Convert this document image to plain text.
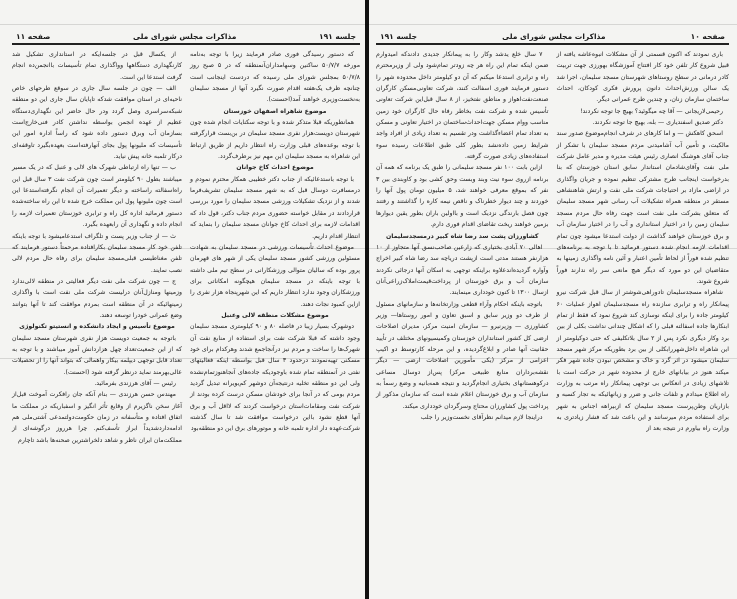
جلسه ۱۹۱
مذاکرات مجلس شورای ملی
صفحه ۱۱

که دستور رسیدگی فوری صادر فرمایند زیرا با توجه به‌نامه مورخه ۵۰/۷/۷ ساکنین وسهامداران‌آنمنطقه که در ۵ صبح روز ۵۰/۷/۸ بمجلس شورای ملی رسیده که دردست اینجانب است چنانچه ظرف یک‌هفته اقدام صورت نگیرد آنها از مسجد سلیمان به‌نخست‌وزیری خواهند آمد(احسنت).

موضوع شاهراه اصفهان خوزستان

همانطوریکه قبلا متذکر شده و با توجه سکنایات انجام شده چون شهرستان دویست‌هزار نفری مسجد سلیمان در بن‌بست قرارگرفته با توجه بوعده‌های قبلی وزارت راه انتظار داریم از طریق ارتباط این شاهراه به مسجد سلیمان این مهم نیز برطرف‌گردد.

موضوع احداث کاخ جوانان

با توجه باستدعائیکه از جناب دکتر خطیبی همکار محترم نمودم و درمسافرت دوسال قبل که به شهر مسجد سلیمان تشریف‌فرما شدند و از نزدیک تشکیلات ورزشی مسجد سلیمان را مورد بررسی قراردادند در مقابل خواسته حضوری مردم جناب دکتر، قول داد که اقدامات لازمه برای احداث کاخ جوانان مسجد سلیمان را بنماید که انتظار اقدام داریم.

موضوع احداث تأسیسات ورزشی در مسجد سلیمان به شهادت مسئولین ورزشی کشور مسجد سلیمان یکی از شهر های قهرمان پرور بوده که سالیان متوالی ورزشکارانی در سطح تیم ملی داشته با توجه باینکه در مسجد سلیمان هیچگونه امکاناتی برای ورزشکاران وجود ندارد انتظار داریم که این شهرپنجاه هزار نفری را ازاین کمبود نجات دهند.

موضوع مشکلات منطقه لالی وعنبل

دوشهرک بسیار زیبا در فاصله ۸۰ و ۹۰ کیلومتری مسجد سلیمان وجود داشته که قبلا شرکت نفت برای استفاده از منابع نفت آن شهرک‌ها را ساخت و مردم نیز درآنجاجمع شدند وهرکدام برای خود مسکنی تهیه‌نمودند درحدود ۳ سال قبل بواسطه اینکه فعالیتهای نفتی در آنمنطقه تمام شده باوجودیکه جاده‌های آنجاهنوزتمام‌نشده ولی این دو منطقه تخلیه درنتیجه‌آن دوشهر کم‌بویرانه تبدیل گردید مردم بومی که در آنجا برای خودشان مسکن درست کرده بودند از شرکت نفت ومقامات‌استان درخواست کردند که لااقل آب و برق آنها قطع نشود بااین درخواست موافقت شد تا سال گذشته شرکت‌عهده دار اداره تلمبه خانه و موتورهای برق این دو منطقه‌بود

از یکسال قبل در جلسه‌ایکه در استانداری تشکیل شد کارنگهداری دستگاهها وواگذاری تمام تأسیسات باانجمن‌ده انجام گرفت استدعا این است.

الف — چون در جلسه سال جاری در سوقع طرحهای خاص ناحیه‌ای در استان موافقت شدکه تاپایان سال جاری این دو منطقه شبکه‌سراسری وصل گردد ودر حال حاضر این نگهداری‌دستگاه عظیم از عهده انجمن بواسطه نداشتن کادر فنی‌خارج‌است بسازمان آب وبرق دستور داده شود که راساً اداره امور این تأسیسات که ملیونها پول بجای آنهارفته‌است بعهده‌بگیرد تاوقفه‌ای درکار تلمبه خانه پیش نیاید.

ب — تنها راه ارتباطی شهرک های لالی و عنبل که در یک مسیر میباشند بطول ۹۰ کیلومتر است چون شرکت نفت ۳ سال قبل این راه‌اسفالته راساخته و دیگر تعمیرات آن انجام نگرفته‌استدعا این است چون ملیونها پول این مملکت خرج شده تا این راه ساخته‌شده دستور فرمائید اداره کل راه و ترابری خوزستان تعمیرات لازمه را انجام داده و نگهداری آن رابعهده بگیرد.

ث — از جناب وزیر پست و تلگراف استدعامیشود با توجه باینکه تلفن خود کار مسجد سلیمان بکارافتاده مرحمتاً دستور فرمایند که تلفن مغناطیسی قبلی‌مسجد سلیمان برای رفاه حال مردم لالی نصب نمایند.

ج — چون شرکت ملی نفت دیگر فعالیتی در منطقه لالی‌ندارد وزمینها ومنازل‌آنان درلیست شرکت ملی نفت است با واگذاری زمینهائیکه در آن منطقه است بمردم موافقت کند تا آنها بتوانند وضع عمرانی خودرا توسعه دهند.

موضوع تأسیس و ایجاد دانشکده و انستیتو تکنولوژی

باتوجه به جمعیت دویست هزار نفری شهرستان مسجد سلیمان که از این جمعیت‌تعداد چهل هزاردانش آموز میباشند و با توجه به تعداد قابل توجهی دیپلمه بیکار واهمالی که بتواند آنها را از تحصیلات عالی‌بهرمند نماید درنظر گرفته شود (احسنت).

رئیس — آقای هرزندی بفرمائید.

مهندس حسن هرزندی — بنام آنکه جان رافکرت آموخت قبل‌از آغاز سخن ناگزیرم از وقایع تأثر انگیز و اسفباریکه در مملکت ما اتفاق افتاده و متأسفانه در زمان حکومت‌دولتمدعی آشتی‌ملی هم ادامه‌داردشدیداً ابراز تأسف‌کنم. چرا هرروز درگوشه‌ای از مملکت‌مان ایران ناظر و شاهد دلخراشترین صحنه‌ها باشد تاچارم

صفحه ۱۰
مذاکرات مجلس شورای ملی
جلسه ۱۹۱

باری نمودند که اکنون قسمتی از آن مشکلات انبوه‌عاشه یافته از قبیل شروع کار تلفن خود کار افتتاح آموزشگاه بهورزی جهت تربیت کادر درمانی در سطح روستاهای شهرستان مسجد سلیمان، اجرا شد یک سالن ورزش‌احداث دانون پرورش فکری کودکان، احداث ساختمان سازمان زنان، و چندین طرح عمرانی دیگر.

رحیمی‌لاریجانی — آقا چه میگوئید؟ بهیچ جا توجه نکردند!

دکتر صدیق اسفندیاری — بله، بهیچ جا توجه نکردند.

اسحق کاهکش — و اما کارهای در شرف انجام‌موضوع صدور سند مالکیت، و تأمین آب آشامیدنی مردم مسجد سلیمان با تشکر از جناب آقای هوشنگ انصاری رئیس هیئت مدیره و مدیر عامل شرکت ملی نفت وآقای‌شادمان استاندار سابق استان خوزستان که بنا بدرخواست اینجانب طرح مشترکی تنظیم نموده و جریان واگذاری در اراضی مازاد بر احتیاجات شرکت ملی نفت و ارتش شاهنشاهی مستقر در منطقه همراه تشکیلات آب رسانی شهر مسجد سلیمان که متعلق بشرکت ملی نفت است جهت رفاه حال مردم مسجد سلیمان زمین را در اختیار استانداری و آب را در اختیار سازمان آب و برق خوزستان خواهند گذاشت از دولت استدعا میشود چون تمام اقدامات لازمه انجام شده دستور فرمائید تا با توجه به برنامه‌های تنظیم شده فوراً از لحاظ تأمین اعتبار و آئین نامه واگذاری زمینها به متقاضیان این دو مورد که دیگر هیچ مانعی سر راه ندارند فوراً شروع شوند.

شاهراه مسجدسلیمان تادوراهی‌شوشتر از سال قبل شرکت نیرو پیمانکار راه و ترابری سازنده راه مسجدسلیمان اهواز عملیات ۶۰ کیلومتر جاده را برای اینکه نوسازی کند شروع نمود که فقط از تمام ابنکارها جاده اسفالته قبلی را که اشکال چندانی نداشت بکلی از بین برد وکار دیگری نکرد پس از ۲ سال بلاتکلیفی که حتی دوکیلومتر از این شاهراه داخل‌شهررابکلی از بین برد بطوریکه مرکز شهر مسجد سلیمان میشود در اثر گرد و خاک و مشخص نبودن جاده شهر فکر میکند هنوز در بیابانهای خارج از محدوده شهر در حرکت است با تلاشهای زیادی در انعکاس بی توجهی پیمانکار راه مرتب به وزارت راه اطلاع میدادم و تلفات جانی و ضرر و زیانهائیکه به تجار کسبه و بازاریان وطن‌پرست مسجد سلیمان که ازبیراهه اجناس به شهر برای استفاده مردم میرسانند و این باعث شد که فشار زیادتری به وزارت راه بیاورم در نتیجه بعد از

۷ سال خلع یدشد وکار را به پیمانکار جدیدی دادندکه امیدوارم ضمن اینکه تمام این راه هر چه زودتر تمام‌شود ولی از وزیرمحترم راه و ترابری استدعا میکنم که آن دو کیلومتر داخل محدوده شهر را دستور فرمایند فوری اسفالت کنند، شرکت تعاونی‌مسکن کارگران صنعت‌نفت‌اهواز و مناطق نفتخیز، از ۸ سال قبل‌این شرکت تعاونی تأسیس شده و شرکت نفت بخاطر رفاه حال کارگران خود زمین مناسب ووام مسکن جهت‌احداث‌ساختمان در اختیار تعاونی و مسکن به تعداد تمام اعضاءگذاشت ودر تقسیم به تعداد زیادی از افراد واجد شرایط زمین دادەنشد بطور کلی طبق اطلاعات رسیده سوء استفاده‌های زیادی صورت گرفته.

ازاین بابت ۱۰۰ نفر مسجد سلیمانی را طبق یک برنامه که همه آن برنامه ازروی سوء نیت وبند وبست وحق کشی بود و کاوبندی بین ۳ نفر که بموقع معرفی خواهند شد، ۵ میلیون تومان پول آنها را خوردند و چند دیوار خطرناک و ناقص نیمه کاره را گذاشتند و رفتند چون فصل بارندگی نزدیک است و بااولین باران بطور یقین دیوارها بزمین خواهند ریخت تقاضای اقدام فوری دارم.

کشاورزان پشت سد رضا شاه کبیر درمسجدسلیمان

اهالی ۷۰ آبادی بختیاری که زارعین صاحب‌نسق آنها متجاوز از ۱۰ هزارنفر هستند مدتی است ازپشت دریاچه سد رضا شاه کبیر اخراج وآواره گردیده‌اندعلاوه براینکه توجهی به اسکان آنها درجائی نکردند سازمان آب و برق خوزستان از پرداخت‌قیمت‌املاک‌زراعی‌آنان ازسال ۱۳۰۰ تا کنون خودداری مینمایند.

باتوجه باینکه احکام وآراء قطعی وزارتخانه‌ها و سازمانهای مسئول از طرف دو وزیر سابق و اسبق تعاون و امور روستاها— وزیر کشاورزی — وزیرنیرو — سازمان امنیت مرکز، مدیران اصلاحات ارضی کل کشور استانداران خوزستان وکمیسیونهای مختلف در تأیید حقانیت آنها صادر و ابلاغ‌گردیده، و این مرحله کارتوسط دو اکیپ اعزامی از مرکز (یکی مأمورین اصلاحات ارضی — دیگر نقشه‌برداران منابع طبیعی مرکز) پس‌از دوسال مساعی درکوهستانهای بختیاری انجام‌گردید و نتیجه همه‌بانیه و وضع رسماً به سازمان آب و برق خوزستان اعلام شده است که سازمان مذکور از پرداخت پول کشاورزان محتاج وسرگردان خودداری میکند.

دراینجا لازم میدانم نظرآقای نخست‌وزیر را جلب
